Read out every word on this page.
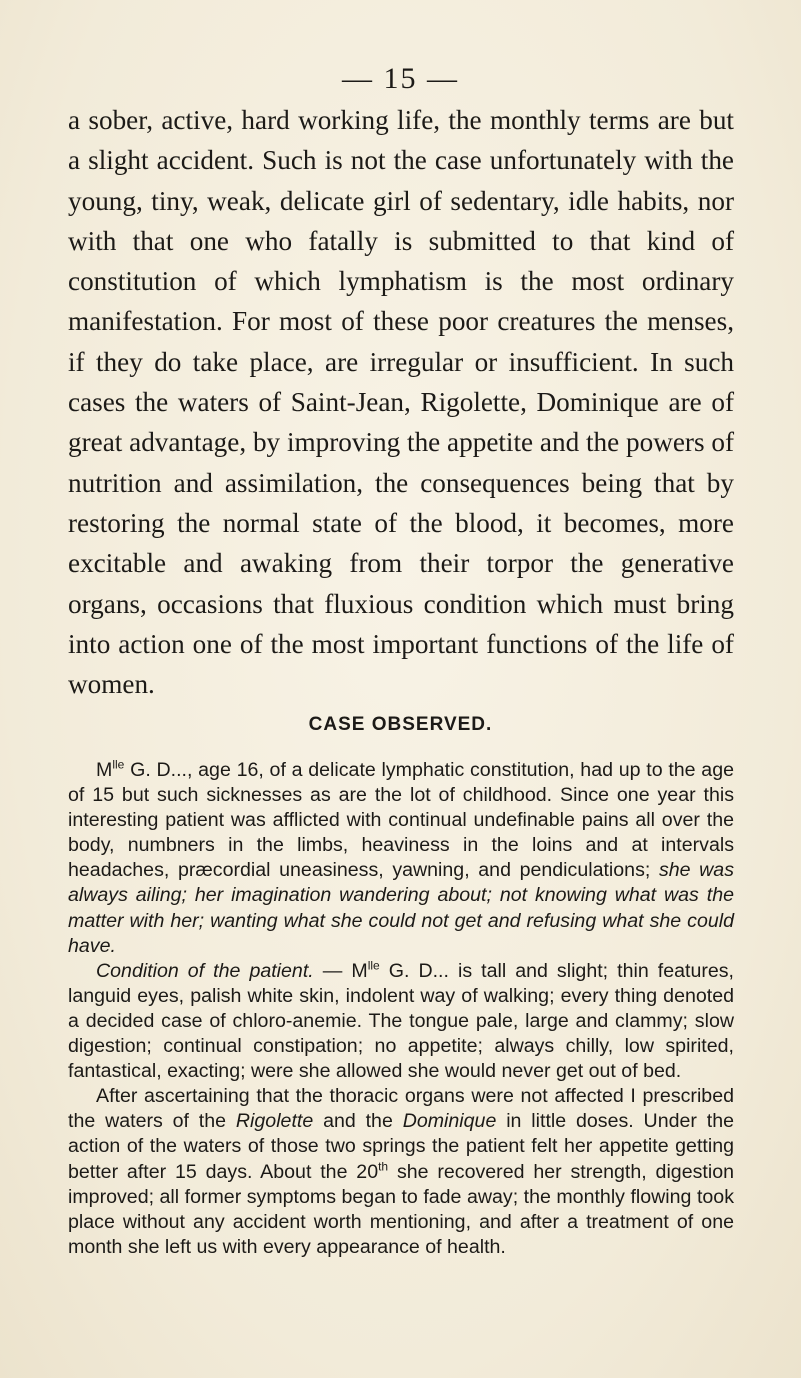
— 15 —

a sober, active, hard working life, the monthly terms are but a slight accident. Such is not the case unfortunately with the young, tiny, weak, delicate girl of sedentary, idle habits, nor with that one who fatally is submitted to that kind of constitution of which lymphatism is the most ordinary manifestation. For most of these poor creatures the menses, if they do take place, are irregular or insufficient. In such cases the waters of Saint-Jean, Rigolette, Dominique are of great advantage, by improving the appetite and the powers of nutrition and assimilation, the consequences being that by restoring the normal state of the blood, it becomes, more excitable and awaking from their torpor the generative organs, occasions that fluxious condition which must bring into action one of the most important functions of the life of women.

CASE OBSERVED.

$M^{lle}$ G. D..., age 16, of a delicate lymphatic constitution, had up to the age of 15 but such sicknesses as are the lot of childhood. Since one year this interesting patient was afflicted with continual undefinable pains all over the body, numbners in the limbs, heaviness in the loins and at intervals headaches, præcordial uneasiness, yawning, and pendiculations; she was always ailing; her imagination wandering about; not knowing what was the matter with her; wanting what she could not get and refusing what she could have.

Condition of the patient. — $M^{lle}$ G. D... is tall and slight; thin features, languid eyes, palish white skin, indolent way of walking; every thing denoted a decided case of chloro-anemie. The tongue pale, large and clammy; slow digestion; continual constipation; no appetite; always chilly, low spirited, fantastical, exacting; were she allowed she would never get out of bed.

After ascertaining that the thoracic organs were not affected I prescribed the waters of the Rigolette and the Dominique in little doses. Under the action of the waters of those two springs the patient felt her appetite getting better after 15 days. About the 20th she recovered her strength, digestion improved; all former symptoms began to fade away; the monthly flowing took place without any accident worth mentioning, and after a treatment of one month she left us with every appearance of health.
